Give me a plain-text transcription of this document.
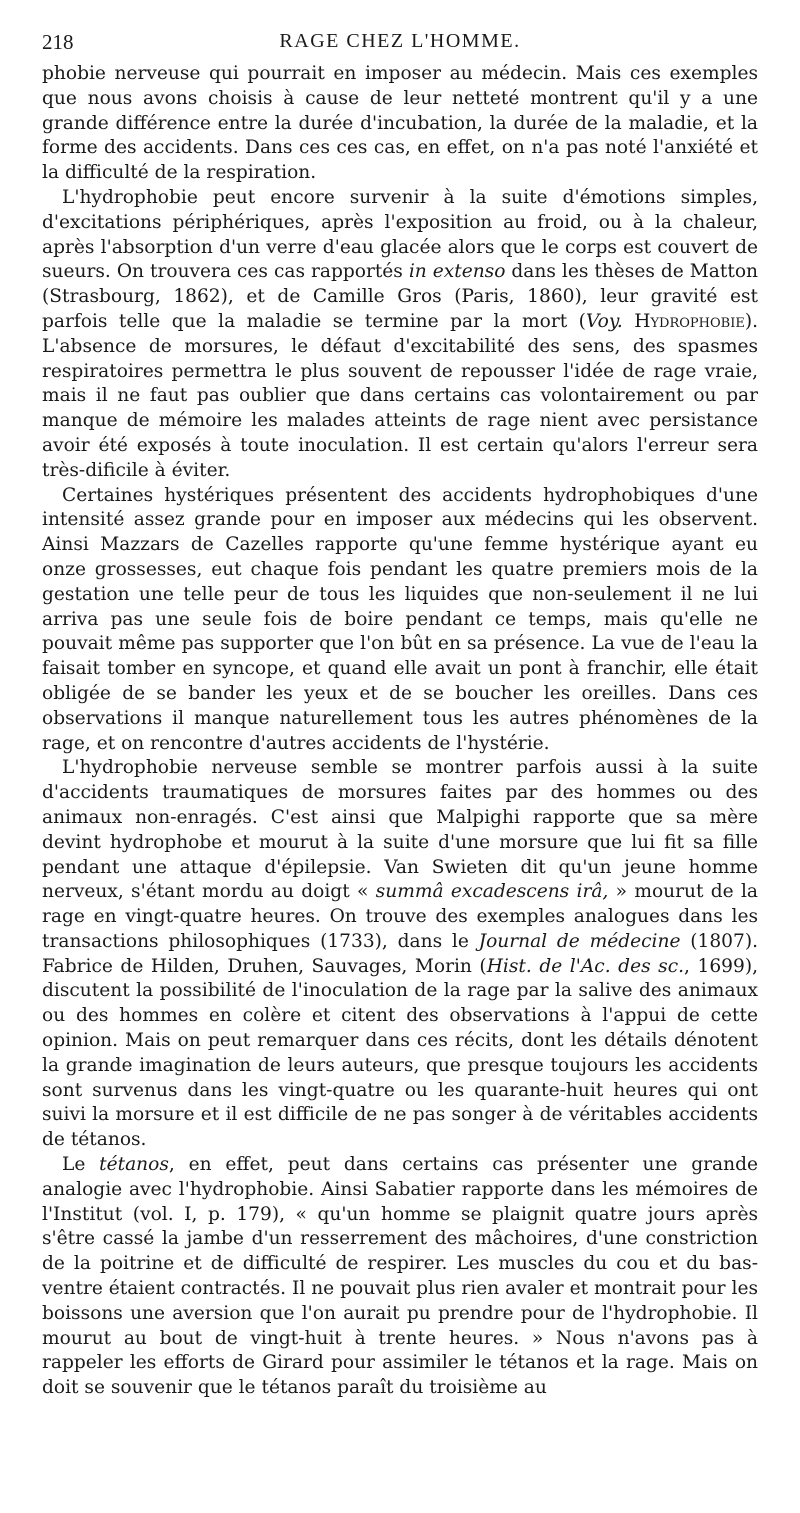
218	RAGE CHEZ L'HOMME.

phobie nerveuse qui pourrait en imposer au médecin. Mais ces exemples que nous avons choisis à cause de leur netteté montrent qu'il y a une grande différence entre la durée d'incubation, la durée de la maladie, et la forme des accidents. Dans ces ces cas, en effet, on n'a pas noté l'anxiété et la difficulté de la respiration.

L'hydrophobie peut encore survenir à la suite d'émotions simples, d'excitations périphériques, après l'exposition au froid, ou à la chaleur, après l'absorption d'un verre d'eau glacée alors que le corps est couvert de sueurs. On trouvera ces cas rapportés in extenso dans les thèses de Matton (Strasbourg, 1862), et de Camille Gros (Paris, 1860), leur gravité est parfois telle que la maladie se termine par la mort (Voy. Hydrophobie). L'absence de morsures, le défaut d'excitabilité des sens, des spasmes respiratoires permettra le plus souvent de repousser l'idée de rage vraie, mais il ne faut pas oublier que dans certains cas volontairement ou par manque de mémoire les malades atteints de rage nient avec persistance avoir été exposés à toute inoculation. Il est certain qu'alors l'erreur sera très-dificile à éviter.

Certaines hystériques présentent des accidents hydrophobiques d'une intensité assez grande pour en imposer aux médecins qui les observent. Ainsi Mazzars de Cazelles rapporte qu'une femme hystérique ayant eu onze grossesses, eut chaque fois pendant les quatre premiers mois de la gestation une telle peur de tous les liquides que non-seulement il ne lui arriva pas une seule fois de boire pendant ce temps, mais qu'elle ne pouvait même pas supporter que l'on bût en sa présence. La vue de l'eau la faisait tomber en syncope, et quand elle avait un pont à franchir, elle était obligée de se bander les yeux et de se boucher les oreilles. Dans ces observations il manque naturellement tous les autres phénomènes de la rage, et on rencontre d'autres accidents de l'hystérie.

L'hydrophobie nerveuse semble se montrer parfois aussi à la suite d'accidents traumatiques de morsures faites par des hommes ou des animaux non-enragés. C'est ainsi que Malpighi rapporte que sa mère devint hydrophobe et mourut à la suite d'une morsure que lui fit sa fille pendant une attaque d'épilepsie. Van Swieten dit qu'un jeune homme nerveux, s'étant mordu au doigt « summâ excadescens irâ, » mourut de la rage en vingt-quatre heures. On trouve des exemples analogues dans les transactions philosophiques (1733), dans le Journal de médecine (1807). Fabrice de Hilden, Druhen, Sauvages, Morin (Hist. de l'Ac. des sc., 1699), discutent la possibilité de l'inoculation de la rage par la salive des animaux ou des hommes en colère et citent des observations à l'appui de cette opinion. Mais on peut remarquer dans ces récits, dont les détails dénotent la grande imagination de leurs auteurs, que presque toujours les accidents sont survenus dans les vingt-quatre ou les quarante-huit heures qui ont suivi la morsure et il est difficile de ne pas songer à de véritables accidents de tétanos.

Le tétanos, en effet, peut dans certains cas présenter une grande analogie avec l'hydrophobie. Ainsi Sabatier rapporte dans les mémoires de l'Institut (vol. I, p. 179), « qu'un homme se plaignit quatre jours après s'être cassé la jambe d'un resserrement des mâchoires, d'une constriction de la poitrine et de difficulté de respirer. Les muscles du cou et du bas-ventre étaient contractés. Il ne pouvait plus rien avaler et montrait pour les boissons une aversion que l'on aurait pu prendre pour de l'hydrophobie. Il mourut au bout de vingt-huit à trente heures. » Nous n'avons pas à rappeler les efforts de Girard pour assimiler le tétanos et la rage. Mais on doit se souvenir que le tétanos paraît du troisième au
